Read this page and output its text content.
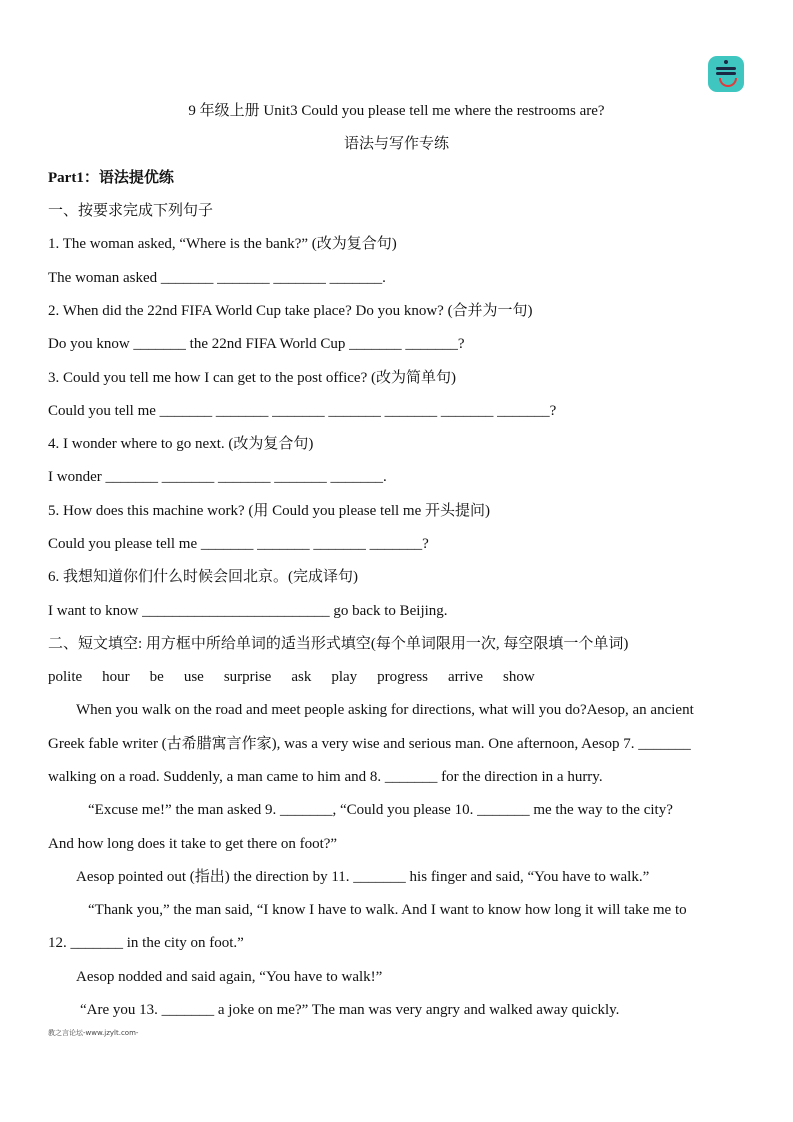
9 年级上册 Unit3 Could you please tell me where the restrooms are?
语法与写作专练
Part1：语法提优练
一、按要求完成下列句子
1. The woman asked, “Where is the bank?” (改为复合句)
The woman asked _______ _______ _______ _______.
2. When did the 22nd FIFA World Cup take place? Do you know? (合并为一句)
Do you know _______ the 22nd FIFA World Cup _______ _______?
3. Could you tell me how I can get to the post office? (改为简单句)
Could you tell me _______ _______ _______ _______ _______ _______ _______?
4. I wonder where to go next. (改为复合句)
I wonder _______ _______ _______ _______ _______.
5. How does this machine work? (用 Could you please tell me 开头提问)
Could you please tell me _______ _______ _______ _______?
6. 我想知道你们什么时候会回北京。(完成译句)
I want to know _________________________ go back to Beijing.
二、短文填空: 用方框中所给单词的适当形式填空(每个单词限用一次, 每空限填一个单词)
polite hour be use surprise ask play progress arrive show
When you walk on the road and meet people asking for directions, what will you do?Aesop, an ancient
Greek fable writer (古希腊寓言作家), was a very wise and serious man. One afternoon, Aesop 7. _______
walking on a road. Suddenly, a man came to him and 8. _______ for the direction in a hurry.
“Excuse me!” the man asked 9. _______, “Could you please 10. _______ me the way to the city?
And how long does it take to get there on foot?”
Aesop pointed out (指出) the direction by 11. _______ his finger and said, “You have to walk.”
“Thank you,” the man said, “I know I have to walk. And I want to know how long it will take me to
12. _______ in the city on foot.”
Aesop nodded and said again, “You have to walk!”
“Are you 13. _______ a joke on me?” The man was very angry and walked away quickly.
教之言论坛-www.jzylt.com-
